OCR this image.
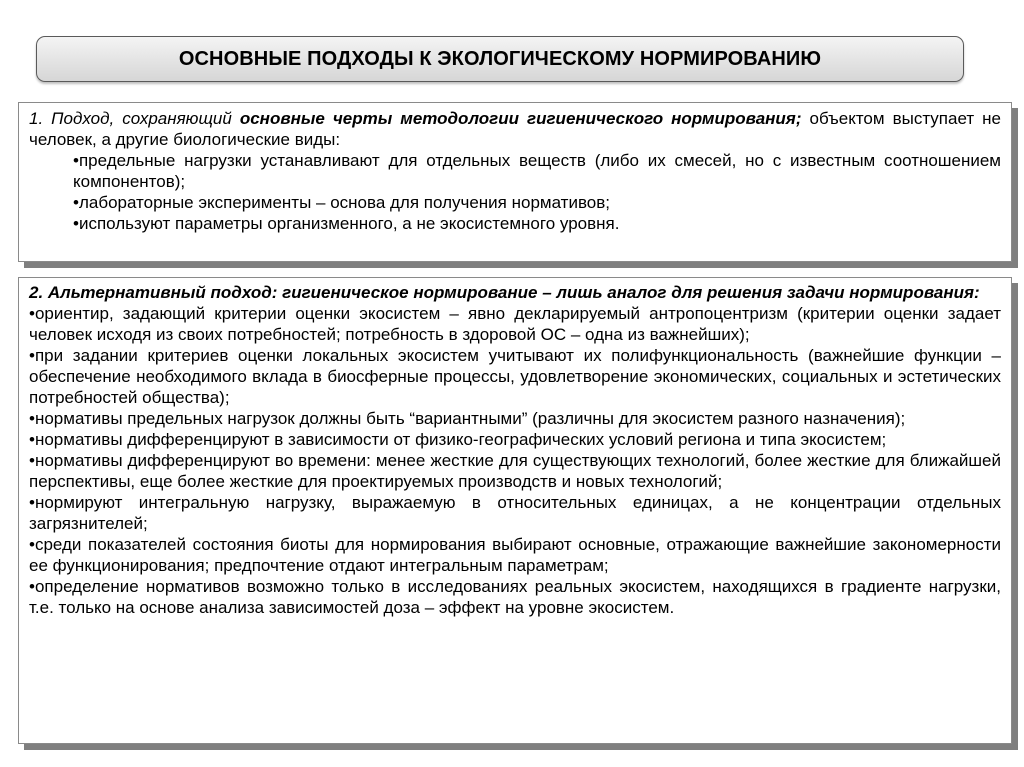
ОСНОВНЫЕ ПОДХОДЫ К ЭКОЛОГИЧЕСКОМУ НОРМИРОВАНИЮ

1. Подход, сохраняющий основные черты методологии гигиенического нормирования; объектом выступает не человек, а другие биологические виды:

• предельные нагрузки устанавливают для отдельных веществ (либо их смесей, но с известным соотношением компонентов);
• лабораторные эксперименты – основа для получения нормативов;
• используют параметры организменного, а не экосистемного уровня.

2. Альтернативный подход: гигиеническое нормирование – лишь аналог для решения задачи нормирования:

• ориентир, задающий критерии оценки экосистем – явно декларируемый антропоцентризм (критерии оценки задает человек исходя из своих потребностей; потребность в здоровой ОС – одна из важнейших);
• при задании критериев оценки локальных экосистем учитывают их полифункциональность (важнейшие функции – обеспечение необходимого вклада в биосферные процессы, удовлетворение экономических, социальных и эстетических потребностей общества);
• нормативы предельных нагрузок должны быть “вариантными” (различны для экосистем разного назначения);
• нормативы дифференцируют в зависимости от физико-географических условий региона и типа экосистем;
• нормативы дифференцируют во времени: менее жесткие для существующих технологий, более жесткие для ближайшей перспективы, еще более жесткие для проектируемых производств и новых технологий;
• нормируют интегральную нагрузку, выражаемую в относительных единицах, а не концентрации отдельных загрязнителей;
• среди показателей состояния биоты для нормирования выбирают основные, отражающие важнейшие закономерности ее функционирования; предпочтение отдают интегральным параметрам;
• определение нормативов возможно только в исследованиях реальных экосистем, находящихся в градиенте нагрузки, т.е. только на основе анализа зависимостей доза – эффект на уровне экосистем.
